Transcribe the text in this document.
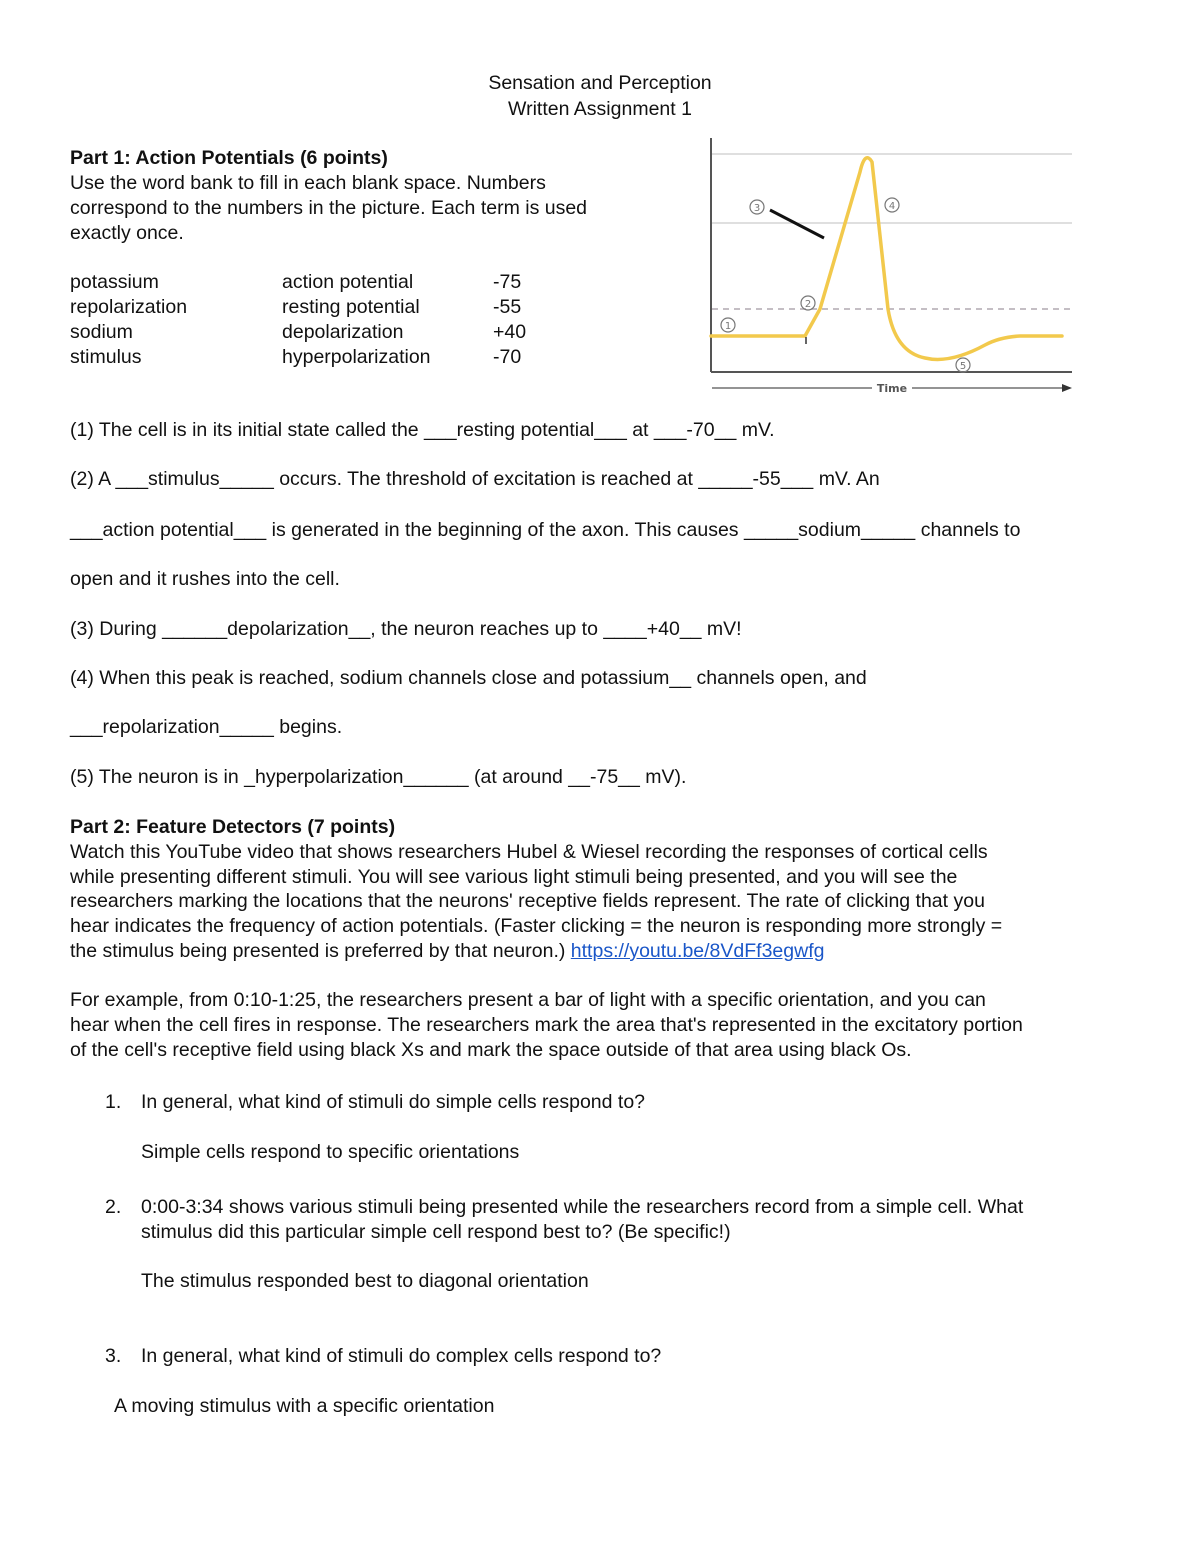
Sensation and Perception
Written Assignment 1
Part 1: Action Potentials (6 points)
Use the word bank to fill in each blank space. Numbers
correspond to the numbers in the picture. Each term is used
exactly once.
potassium
repolarization
sodium
stimulus
action potential
resting potential
depolarization
hyperpolarization
-75
-55
+40
-70
1
2
3	4
5
Time
(1) The cell is in its initial state called the ___resting potential___ at ___-70__ mV.
(2) A ___stimulus_____ occurs. The threshold of excitation is reached at _____-55___ mV. An
___action potential___ is generated in the beginning of the axon. This causes _____sodium_____ channels to
open and it rushes into the cell.
(3) During ______depolarization__, the neuron reaches up to ____+40__ mV!
(4) When this peak is reached, sodium channels close and potassium__ channels open, and
___repolarization_____ begins.
(5) The neuron is in _hyperpolarization______ (at around __-75__ mV).
Part 2: Feature Detectors (7 points)
Watch this YouTube video that shows researchers Hubel & Wiesel recording the responses of cortical cells
while presenting different stimuli. You will see various light stimuli being presented, and you will see the
researchers marking the locations that the neurons' receptive fields represent. The rate of clicking that you
hear indicates the frequency of action potentials. (Faster clicking = the neuron is responding more strongly =
the stimulus being presented is preferred by that neuron.) https://youtu.be/8VdFf3egwfg
For example, from 0:10-1:25, the researchers present a bar of light with a specific orientation, and you can
hear when the cell fires in response. The researchers mark the area that's represented in the excitatory portion
of the cell's receptive field using black Xs and mark the space outside of that area using black Os.
1. In general, what kind of stimuli do simple cells respond to?
Simple cells respond to specific orientations
2. 0:00-3:34 shows various stimuli being presented while the researchers record from a simple cell. What
stimulus did this particular simple cell respond best to? (Be specific!)
The stimulus responded best to diagonal orientation
3. In general, what kind of stimuli do complex cells respond to?
A moving stimulus with a specific orientation
